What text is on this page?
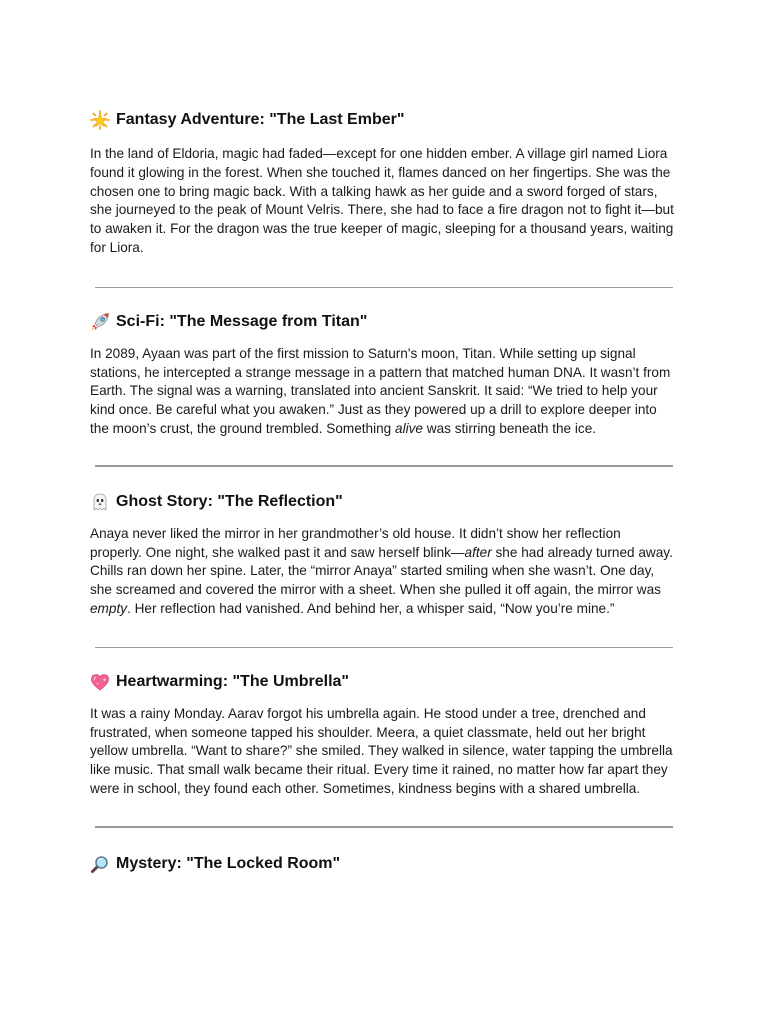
Fantasy Adventure: "The Last Ember"

In the land of Eldoria, magic had faded—except for one hidden ember. A village girl named Liora found it glowing in the forest. When she touched it, flames danced on her fingertips. She was the chosen one to bring magic back. With a talking hawk as her guide and a sword forged of stars, she journeyed to the peak of Mount Velris. There, she had to face a fire dragon not to fight it—but to awaken it. For the dragon was the true keeper of magic, sleeping for a thousand years, waiting for Liora.

Sci-Fi: "The Message from Titan"

In 2089, Ayaan was part of the first mission to Saturn's moon, Titan. While setting up signal stations, he intercepted a strange message in a pattern that matched human DNA. It wasn’t from Earth. The signal was a warning, translated into ancient Sanskrit. It said: “We tried to help your kind once. Be careful what you awaken.” Just as they powered up a drill to explore deeper into the moon’s crust, the ground trembled. Something alive was stirring beneath the ice.

Ghost Story: "The Reflection"

Anaya never liked the mirror in her grandmother’s old house. It didn’t show her reflection properly. One night, she walked past it and saw herself blink—after she had already turned away. Chills ran down her spine. Later, the “mirror Anaya” started smiling when she wasn’t. One day, she screamed and covered the mirror with a sheet. When she pulled it off again, the mirror was empty. Her reflection had vanished. And behind her, a whisper said, “Now you’re mine.”

Heartwarming: "The Umbrella"

It was a rainy Monday. Aarav forgot his umbrella again. He stood under a tree, drenched and frustrated, when someone tapped his shoulder. Meera, a quiet classmate, held out her bright yellow umbrella. “Want to share?” she smiled. They walked in silence, water tapping the umbrella like music. That small walk became their ritual. Every time it rained, no matter how far apart they were in school, they found each other. Sometimes, kindness begins with a shared umbrella.

Mystery: "The Locked Room"
